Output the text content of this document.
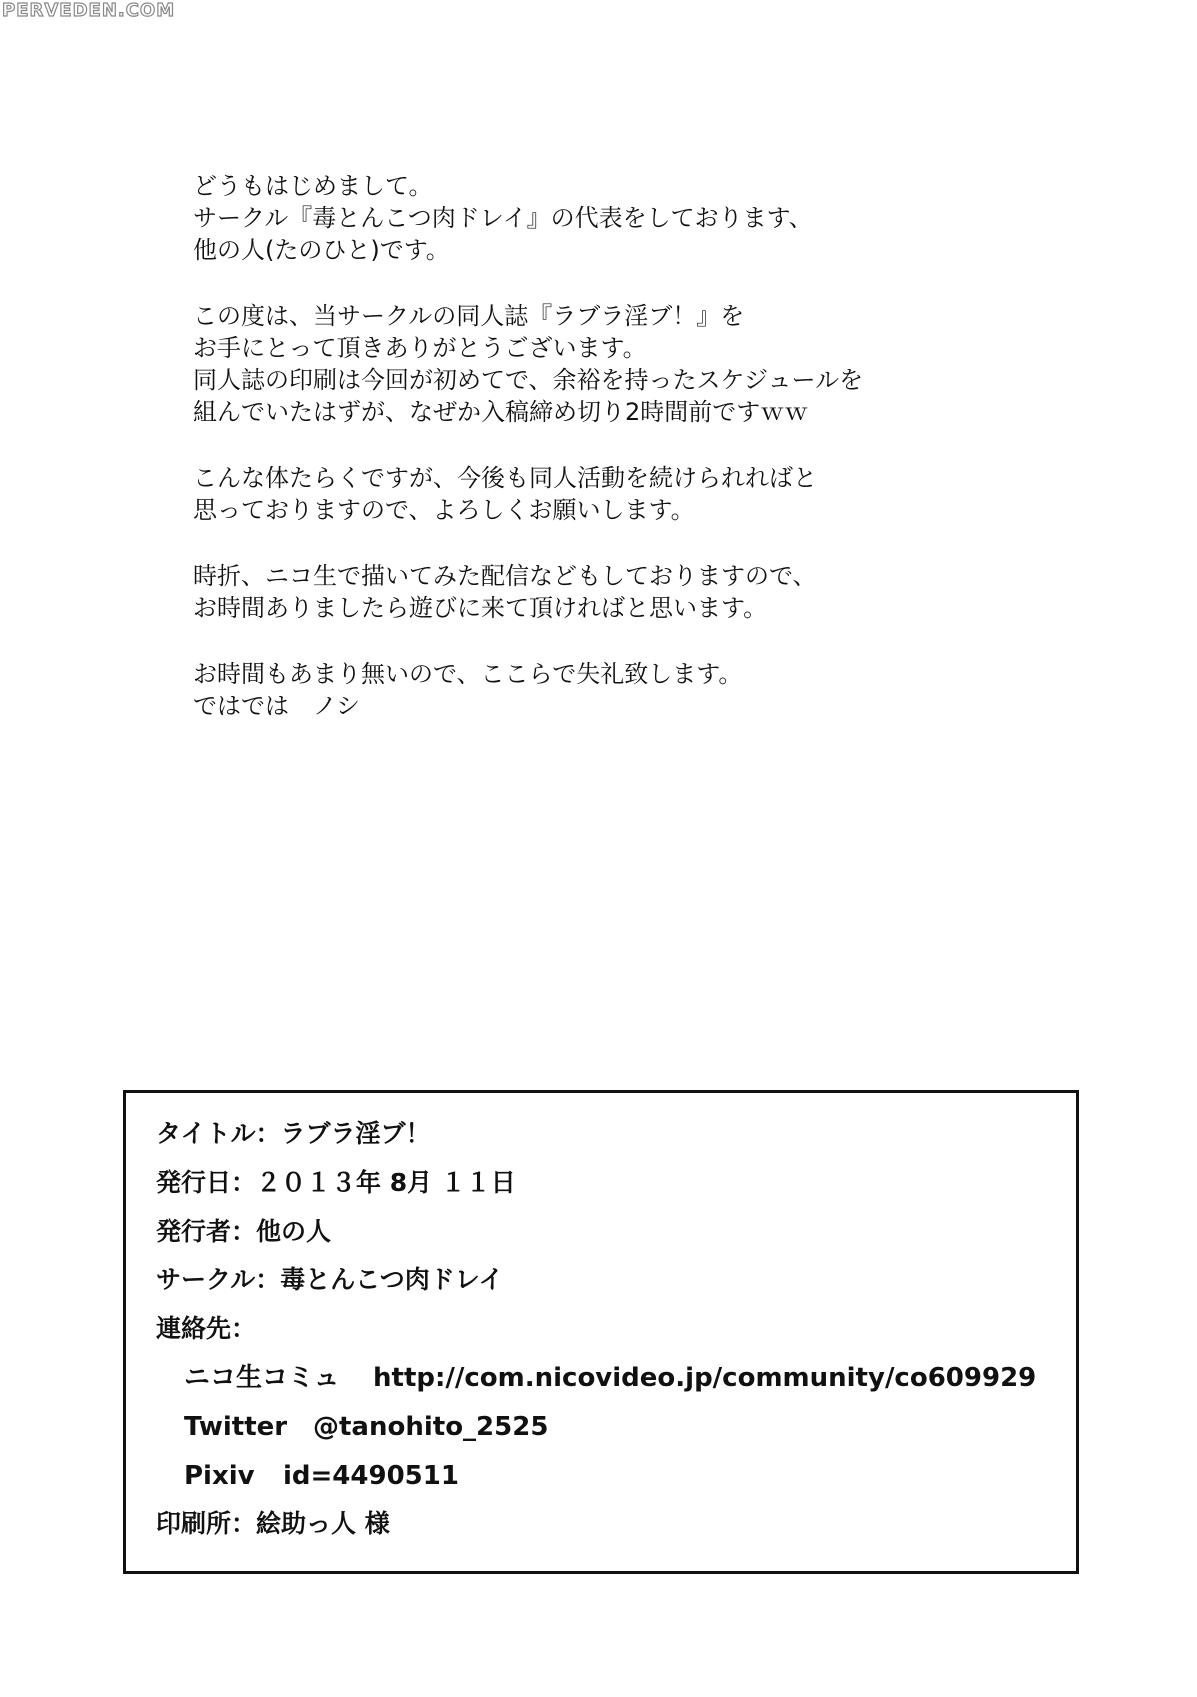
PERVEDEN.COM
どうもはじめまして。
サークル『毒とんこつ肉ドレイ』の代表をしております、
他の人(たのひと)です。
この度は、当サークルの同人誌『ラブラ淫ブ！』を
お手にとって頂きありがとうございます。
同人誌の印刷は今回が初めてで、余裕を持ったスケジュールを
組んでいたはずが、なぜか入稿締め切り2時間前ですｗｗ
こんな体たらくですが、今後も同人活動を続けられればと
思っておりますので、よろしくお願いします。
時折、ニコ生で描いてみた配信などもしておりますので、
お時間ありましたら遊びに来て頂ければと思います。
お時間もあまり無いので、ここらで失礼致します。
ではでは　ノシ
タイトル：ラブラ淫ブ！
発行日：２０１３年 8月 １１日
発行者：他の人
サークル：毒とんこつ肉ドレイ
連絡先：
ニコ生コミュ http://com.nicovideo.jp/community/co609929
Twitter @tanohito_2525
Pixiv id=4490511
印刷所：絵助っ人 様
